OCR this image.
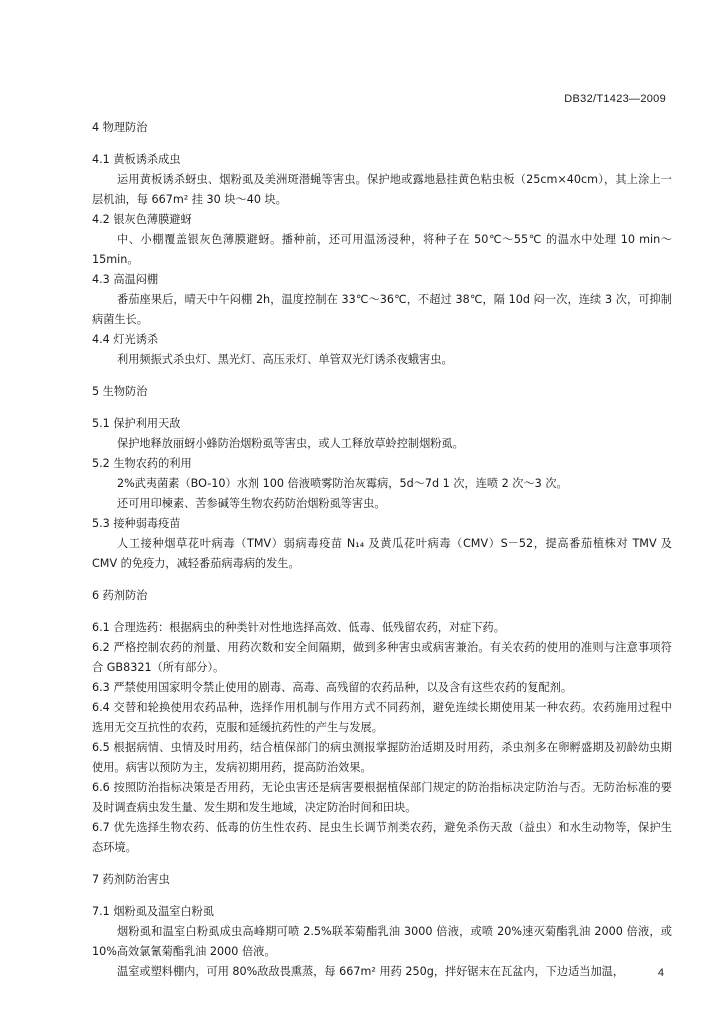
DB32/T1423—2009

4 物理防治

4.1 黄板诱杀成虫

运用黄板诱杀蚜虫、烟粉虱及美洲斑潜蝇等害虫。保护地或露地悬挂黄色粘虫板（25cm×40cm），其上涂上一层机油，每 667m² 挂 30 块～40 块。

4.2 银灰色薄膜避蚜

中、小棚覆盖银灰色薄膜避蚜。播种前，还可用温汤浸种，将种子在 50℃～55℃ 的温水中处理 10 min～15min。

4.3 高温闷棚

番茄座果后，晴天中午闷棚 2h，温度控制在 33℃～36℃，不超过 38℃，隔 10d 闷一次，连续 3 次，可抑制病菌生长。

4.4 灯光诱杀

利用频振式杀虫灯、黑光灯、高压汞灯、单管双光灯诱杀夜蛾害虫。

5 生物防治

5.1 保护利用天敌

保护地释放丽蚜小蜂防治烟粉虱等害虫，或人工释放草蛉控制烟粉虱。

5.2 生物农药的利用

2%武夷菌素（BO-10）水剂 100 倍液喷雾防治灰霉病，5d～7d 1 次，连喷 2 次～3 次。

还可用印楝素、苦参碱等生物农药防治烟粉虱等害虫。

5.3 接种弱毒疫苗

人工接种烟草花叶病毒（TMV）弱病毒疫苗 N₁₄ 及黄瓜花叶病毒（CMV）S－52，提高番茄植株对 TMV 及 CMV 的免疫力，减轻番茄病毒病的发生。

6 药剂防治

6.1 合理选药：根据病虫的种类针对性地选择高效、低毒、低残留农药，对症下药。

6.2 严格控制农药的剂量、用药次数和安全间隔期，做到多种害虫或病害兼治。有关农药的使用的准则与注意事项符合 GB8321（所有部分）。

6.3 严禁使用国家明令禁止使用的剧毒、高毒、高残留的农药品种，以及含有这些农药的复配剂。

6.4 交替和轮换使用农药品种，选择作用机制与作用方式不同药剂，避免连续长期使用某一种农药。农药施用过程中选用无交互抗性的农药，克服和延缓抗药性的产生与发展。

6.5 根据病情、虫情及时用药，结合植保部门的病虫测报掌握防治适期及时用药，杀虫剂多在卵孵盛期及初龄幼虫期使用。病害以预防为主，发病初期用药，提高防治效果。

6.6 按照防治指标决策是否用药，无论虫害还是病害要根据植保部门规定的防治指标决定防治与否。无防治标准的要及时调查病虫发生量、发生期和发生地域，决定防治时间和田块。

6.7 优先选择生物农药、低毒的仿生性农药、昆虫生长调节剂类农药，避免杀伤天敌（益虫）和水生动物等，保护生态环境。

7 药剂防治害虫

7.1 烟粉虱及温室白粉虱

烟粉虱和温室白粉虱成虫高峰期可喷 2.5%联苯菊酯乳油 3000 倍液，或喷 20%速灭菊酯乳油 2000 倍液，或 10%高效氯氰菊酯乳油 2000 倍液。

温室或塑料棚内，可用 80%敌敌畏熏蒸，每 667m² 用药 250g，拌好锯末在瓦盆内，下边适当加温，	4
